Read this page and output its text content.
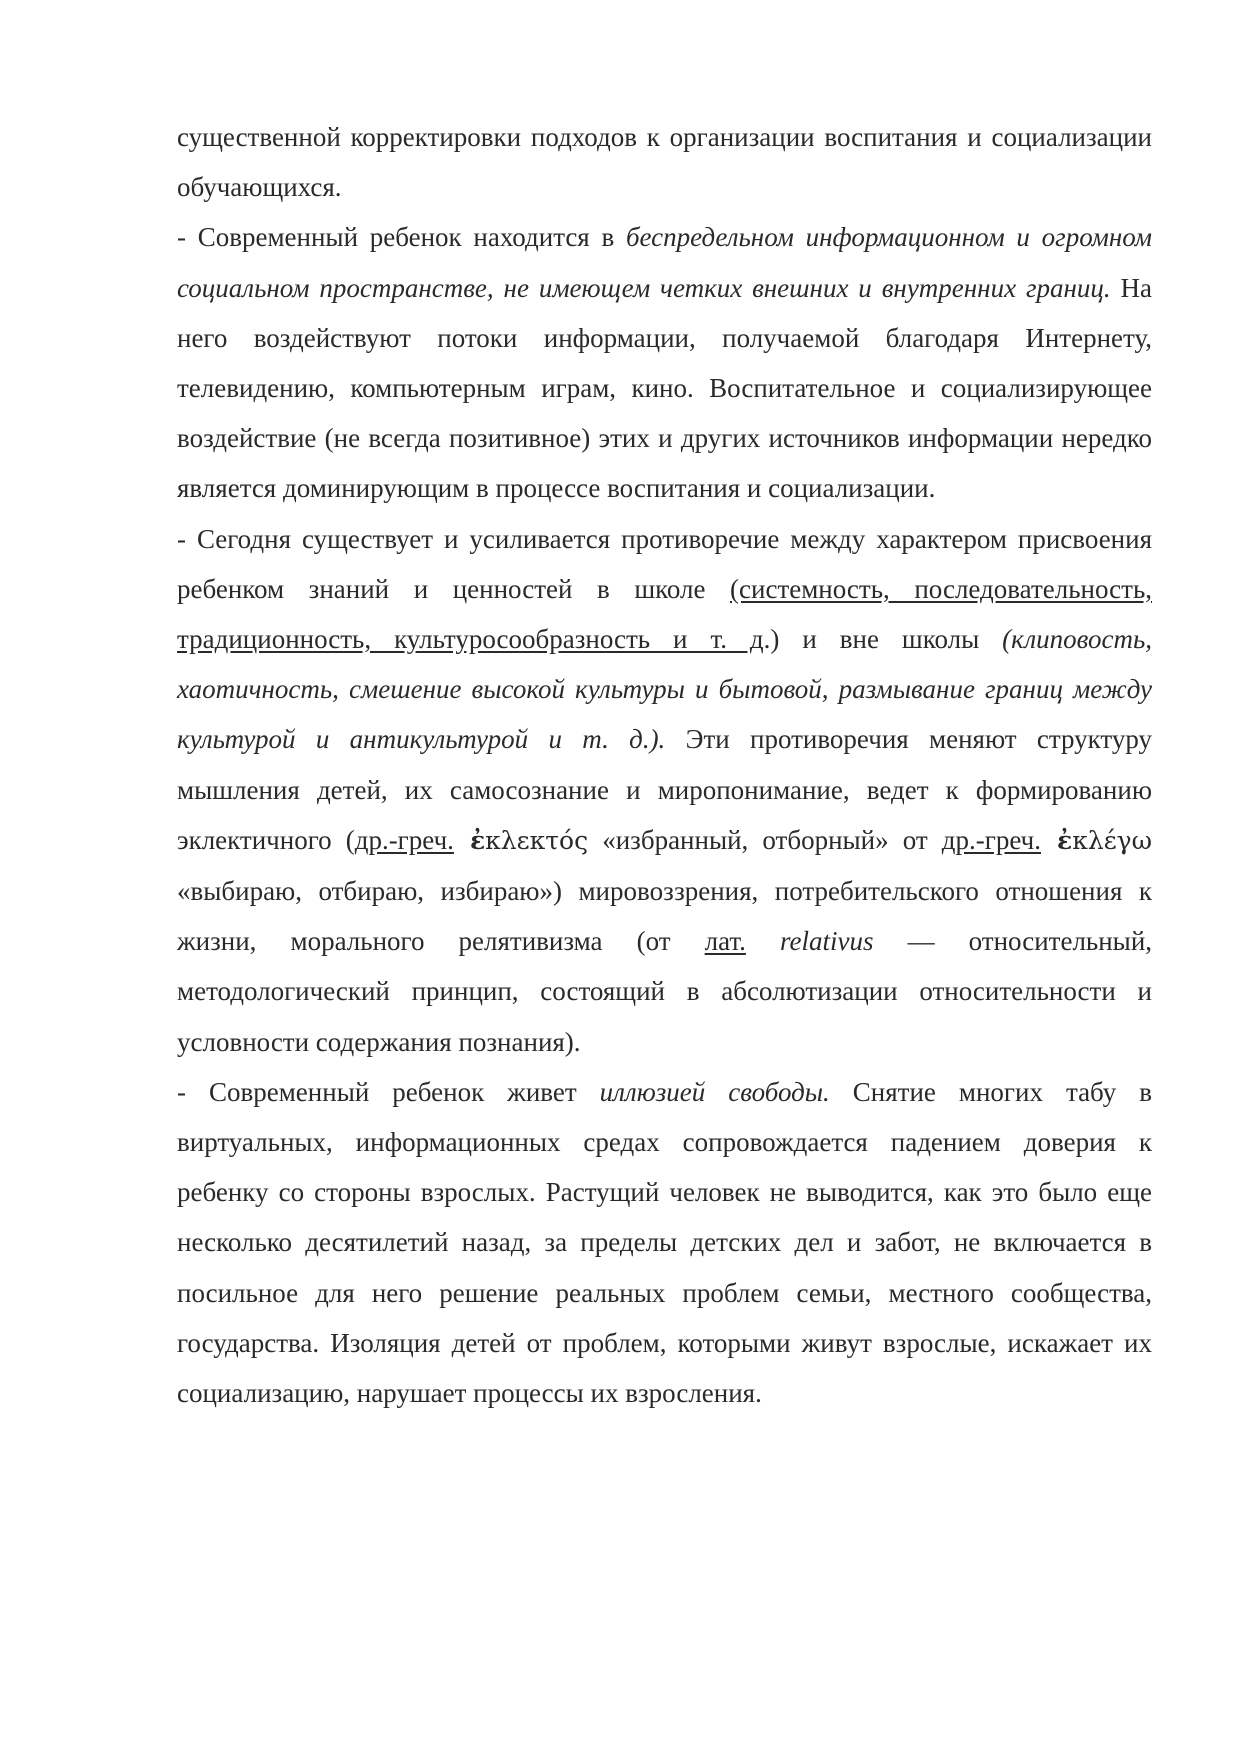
существенной корректировки подходов к организации воспитания и социализации обучающихся.

- Современный ребенок находится в беспредельном информационном и огромном социальном пространстве, не имеющем четких внешних и внутренних границ. На него воздействуют потоки информации, получаемой благодаря Интернету, телевидению, компьютерным играм, кино. Воспитательное и социализирующее воздействие (не всегда позитивное) этих и других источников информации нередко является доминирующим в процессе воспитания и социализации.

- Сегодня существует и усиливается противоречие между характером присвоения ребенком знаний и ценностей в школе (системность, последовательность, традиционность, культуросообразность и т. д.) и вне школы (клиповость, хаотичность, смешение высокой культуры и бытовой, размывание границ между культурой и антикультурой и т. д.). Эти противоречия меняют структуру мышления детей, их самосознание и миропонимание, ведет к формированию эклектичного (др.-греч. ἐκλεκτός «избранный, отборный» от др.-греч. ἐκλέγω «выбираю, отбираю, избираю») мировоззрения, потребительского отношения к жизни, морального релятивизма (от лат. relativus — относительный, методологический принцип, состоящий в абсолютизации относительности и условности содержания познания).

- Современный ребенок живет иллюзией свободы. Снятие многих табу в виртуальных, информационных средах сопровождается падением доверия к ребенку со стороны взрослых. Растущий человек не выводится, как это было еще несколько десятилетий назад, за пределы детских дел и забот, не включается в посильное для него решение реальных проблем семьи, местного сообщества, государства. Изоляция детей от проблем, которыми живут взрослые, искажает их социализацию, нарушает процессы их взросления.
